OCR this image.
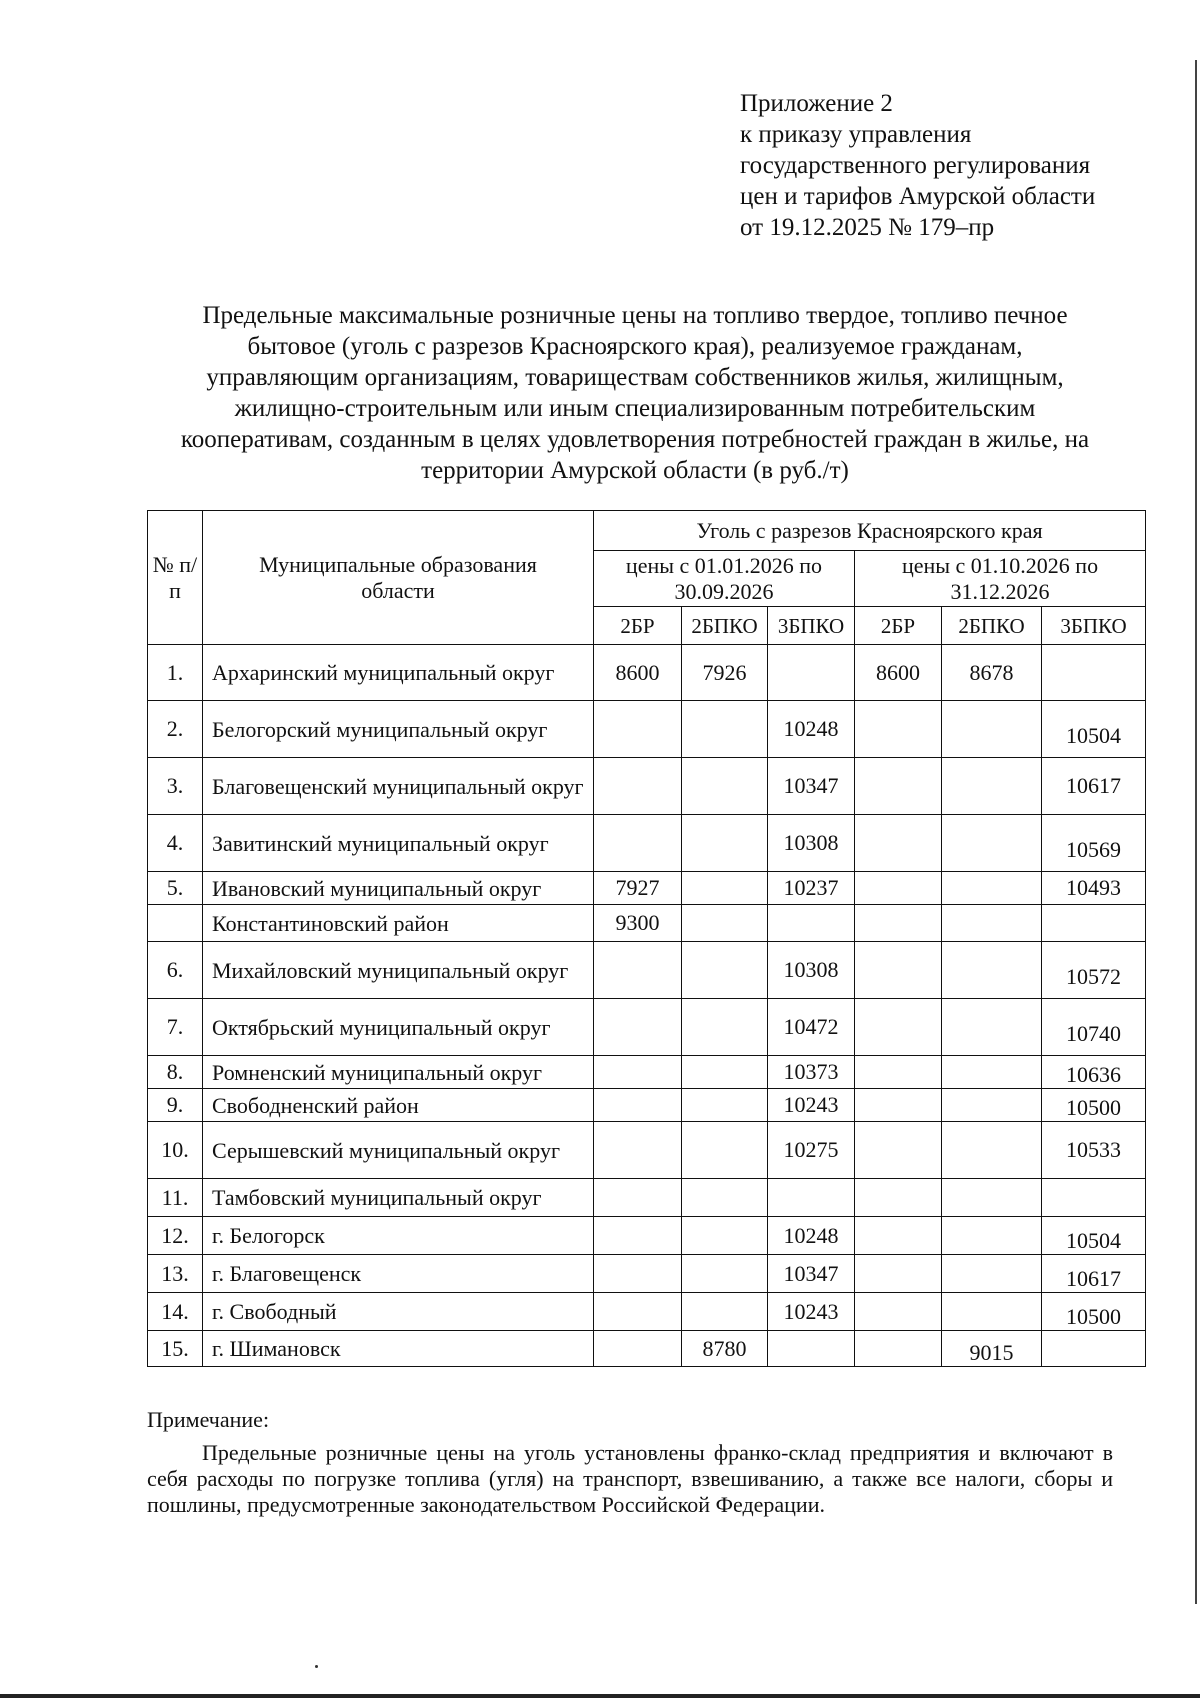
Приложение 2
к приказу управления
государственного регулирования
цен и тарифов Амурской области
от 19.12.2025 № 179–пр
Предельные максимальные розничные цены на топливо твердое, топливо печное
бытовое (уголь с разрезов Красноярского края), реализуемое гражданам,
управляющим организациям, товариществам собственников жилья, жилищным,
жилищно-строительным или иным специализированным потребительским
кооперативам, созданным в целях удовлетворения потребностей граждан в жилье, на
территории Амурской области (в руб./т)
№ п/п	Муниципальные образования области	Уголь с разрезов Красноярского края					
		цены с 01.01.2026 по 30.09.2026			цены с 01.10.2026 по 31.12.2026		
		2БР	2БПКО	3БПКО	2БР	2БПКО	3БПКО
1.	Архаринский муниципальный округ	8600	7926		8600	8678	
2.	Белогорский муниципальный округ			10248			10504
3.	Благовещенский муниципальный округ			10347			10617
4.	Завитинский муниципальный округ			10308			10569
5.	Ивановский муниципальный округ	7927		10237			10493
	Константиновский район	9300					
6.	Михайловский муниципальный округ			10308			10572
7.	Октябрьский муниципальный округ			10472			10740
8.	Ромненский муниципальный округ			10373			10636
9.	Свободненский район			10243			10500
10.	Серышевский муниципальный округ			10275			10533
11.	Тамбовский муниципальный округ						
12.	г. Белогорск			10248			10504
13.	г. Благовещенск			10347			10617
14.	г. Свободный			10243			10500
15.	г. Шимановск		8780			9015	
Примечание:
Предельные розничные цены на уголь установлены франко-склад предприятия и включают в себя расходы по погрузке топлива (угля) на транспорт, взвешиванию, а также все налоги, сборы и пошлины, предусмотренные законодательством Российской Федерации.
